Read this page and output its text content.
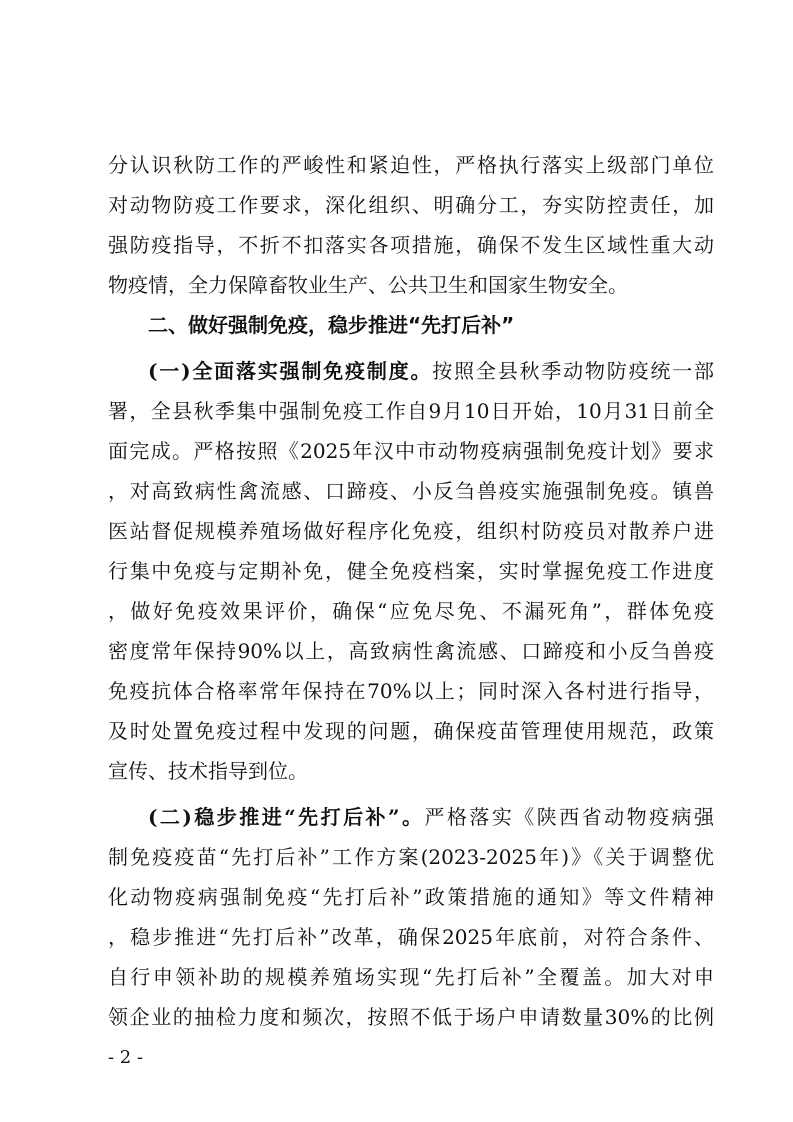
分认识秋防工作的严峻性和紧迫性，严格执行落实上级部门单位
对动物防疫工作要求，深化组织、明确分工，夯实防控责任，加
强防疫指导，不折不扣落实各项措施，确保不发生区域性重大动
物疫情，全力保障畜牧业生产、公共卫生和国家生物安全。
二、做好强制免疫，稳步推进“先打后补”
(一)全面落实强制免疫制度。按照全县秋季动物防疫统一部
署，全县秋季集中强制免疫工作自9月10日开始，10月31日前全
面完成。严格按照《2025年汉中市动物疫病强制免疫计划》要求
，对高致病性禽流感、口蹄疫、小反刍兽疫实施强制免疫。镇兽
医站督促规模养殖场做好程序化免疫，组织村防疫员对散养户进
行集中免疫与定期补免，健全免疫档案，实时掌握免疫工作进度
，做好免疫效果评价，确保“应免尽免、不漏死角”，群体免疫
密度常年保持90%以上，高致病性禽流感、口蹄疫和小反刍兽疫
免疫抗体合格率常年保持在70%以上；同时深入各村进行指导，
及时处置免疫过程中发现的问题，确保疫苗管理使用规范，政策
宣传、技术指导到位。
(二)稳步推进“先打后补”。严格落实《陕西省动物疫病强
制免疫疫苗“先打后补”工作方案(2023-2025年)》《关于调整优
化动物疫病强制免疫“先打后补”政策措施的通知》等文件精神
，稳步推进“先打后补”改革，确保2025年底前，对符合条件、
自行申领补助的规模养殖场实现“先打后补”全覆盖。加大对申
领企业的抽检力度和频次，按照不低于场户申请数量30%的比例
- 2 -
